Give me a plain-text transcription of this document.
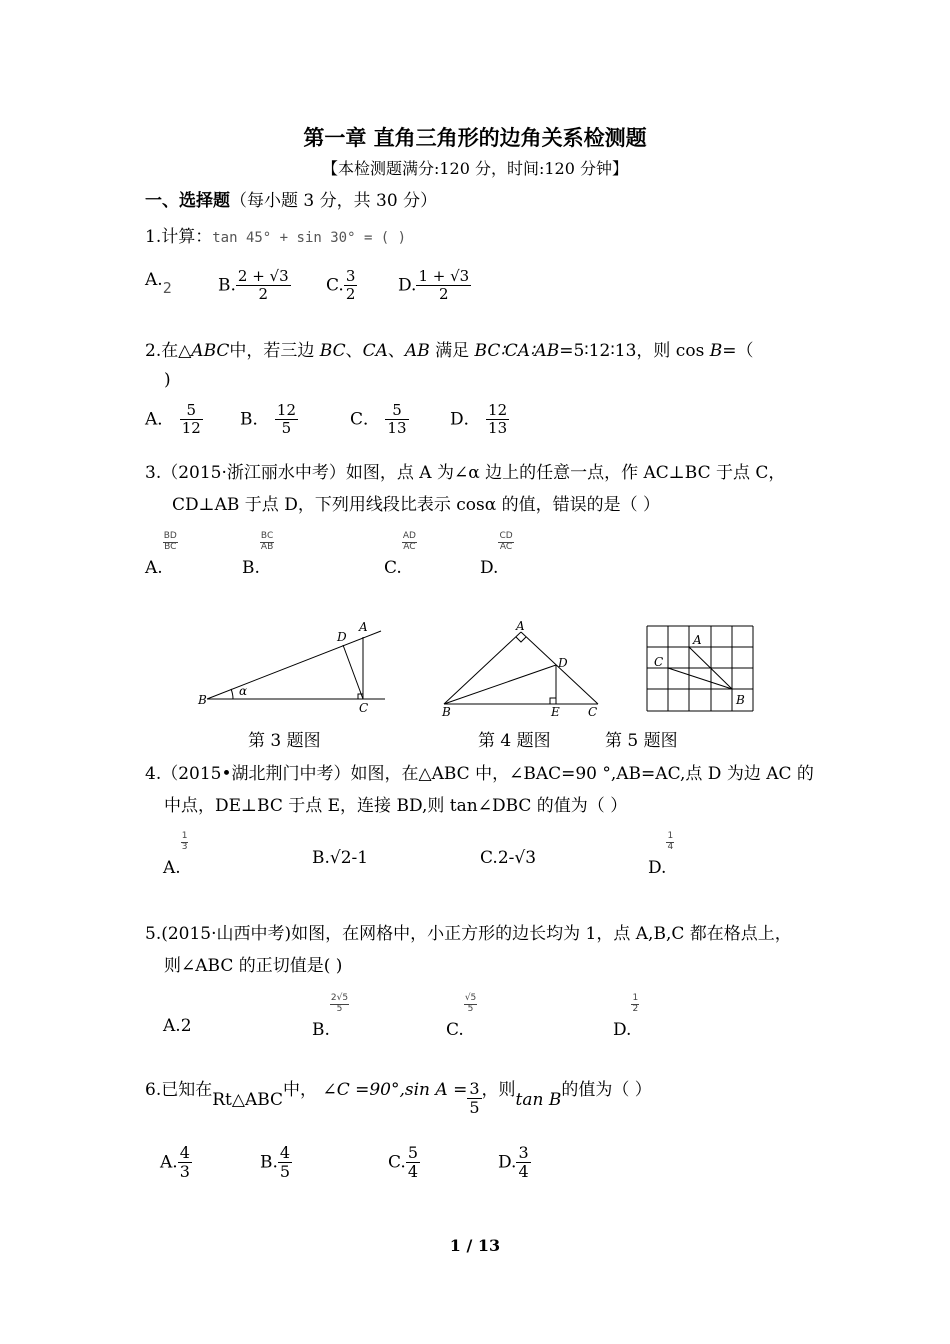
第一章 直角三角形的边角关系检测题
【本检测题满分:120 分，时间:120 分钟】
一、选择题（每小题 3 分，共 30 分）
1.计算：tan 45° + sin 30° = ( )
A.2	B. $\frac{2 + √3}{2} C$. $\frac{3}{2} D$. $\frac{1 + √3}{2}$
2.在△ABC中，若三边 BC、CA、AB 满足 BC∶CA∶AB=5∶12∶13，则 cos B=（
)
A． $\frac{5}{12}$ B． $\frac{12}{5}$	C． $\frac{5}{13}$ D． $\frac{12}{13}$
3.（2015·浙江丽水中考）如图，点 A 为∠α 边上的任意一点，作 AC⊥BC 于点 C，
CD⊥AB 于点 D，下列用线段比表示 cosα 的值，错误的是（ ）
A.
$\frac{BD}{BC}$
B.
$\frac{BC}{AB}$
C.
$\frac{AD}{AC}$
D.
$\frac{CD}{AC}$
B
A
C
D
α
第 3 题图
A
B	C
D
E
第 4 题图
A
C
B
第 5 题图
4.（2015•湖北荆门中考）如图，在△ABC 中，∠BAC=90 °,AB=AC,点 D 为边 AC 的
中点，DE⊥BC 于点 E，连接 BD,则 tan∠DBC 的值为（ ）
A.
$\frac{1}{3}$
B.√2-1	C.2-√3	D.
$\frac{1}{4}$
5.(2015·山西中考)如图，在网格中，小正方形的边长均为 1，点 A,B,C 都在格点上，
则∠ABC 的正切值是( )
A.2	B.
$\frac{2√5}{5}$
C.
$\frac{√5}{5}$
D.
$\frac{1}{2}$
6.已知在Rt△ABC中， ∠C =90°,sin $A = \frac{3}{5}$ ，则tan B的值为（ ）
A. $\frac{4}{3}$	B. $\frac{4}{5}$	C. $\frac{5}{4}$	D. $\frac{3}{4}$
1 / 13
